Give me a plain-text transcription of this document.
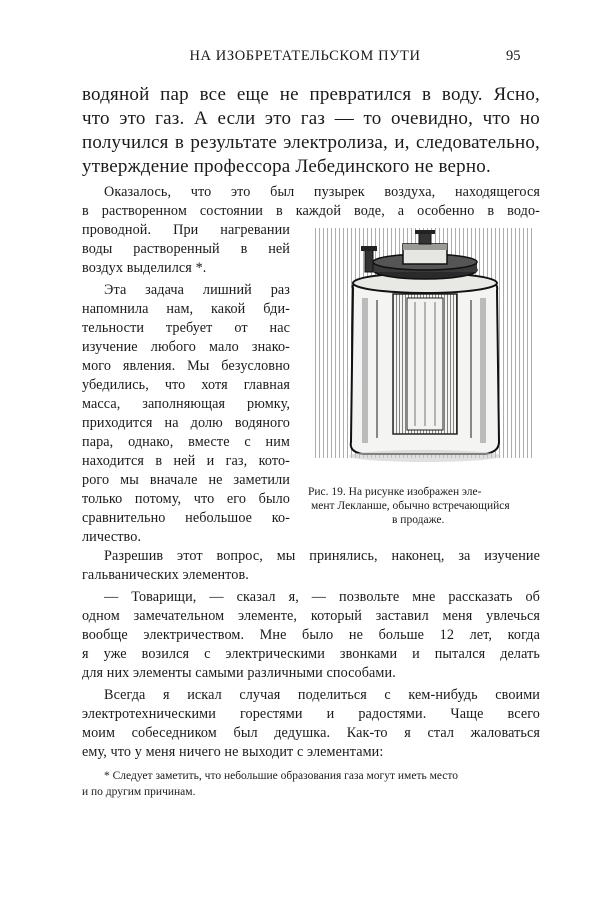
НА ИЗОБРЕТАТЕЛЬСКОМ ПУТИ	95
водяной пар все еще не превратился в воду. Ясно,
что это газ. А если это газ — то очевидно, что но
получился в результате электролиза, и, следовательно,
утверждение профессора Лебединского не верно.
Оказалось, что это был пузырек воздуха, находящегося
в растворенном состоянии в каждой воде, а особенно в водо-
проводной. При нагревании
воды растворенный в ней
воздух выделился *.
Эта задача лишний раз
напомнила нам, какой бди-
тельности требует от нас
изучение любого мало знако-
мого явления. Мы безусловно
убедились, что хотя главная
масса, заполняющая рюмку,
приходится на долю водяного
пара, однако, вместе с ним
находится в ней и газ, кото-
рого мы вначале не заметили
только потому, что его было
сравнительно небольшое ко-
личество.
Рис. 19. На рисунке изображен эле-
мент Лекланше, обычно встречающийся
в продаже.
Разрешив этот вопрос, мы принялись, наконец, за изучение
гальванических элементов.
— Товарищи, — сказал я, — позвольте мне рассказать об
одном замечательном элементе, который заставил меня увлечься
вообще электричеством. Мне было не больше 12 лет, когда
я уже возился с электрическими звонками и пытался делать
для них элементы самыми различными способами.
Всегда я искал случая поделиться с кем-нибудь своими
электротехническими горестями и радостями. Чаще всего
моим собеседником был дедушка. Как-то я стал жаловаться
ему, что у меня ничего не выходит с элементами:
* Следует заметить, что небольшие образования газа могут иметь место
и по другим причинам.
